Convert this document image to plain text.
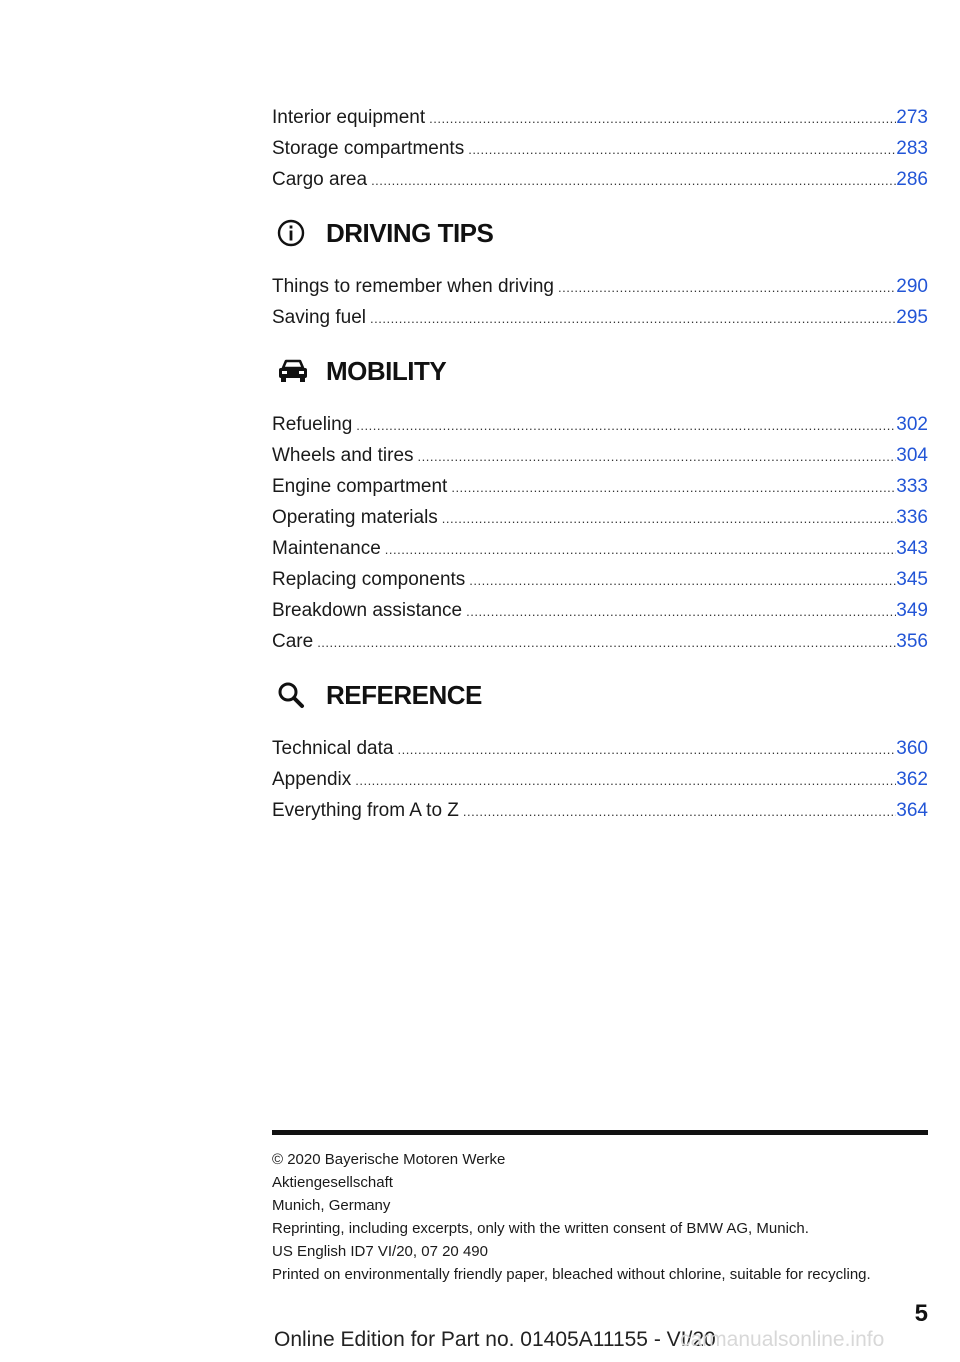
Interior equipment .....	273
Storage compartments .....	283
Cargo area .....	286
DRIVING TIPS
Things to remember when driving .....	290
Saving fuel .....	295
MOBILITY
Refueling .....	302
Wheels and tires .....	304
Engine compartment .....	333
Operating materials .....	336
Maintenance .....	343
Replacing components .....	345
Breakdown assistance .....	349
Care .....	356
REFERENCE
Technical data .....	360
Appendix .....	362
Everything from A to Z .....	364
© 2020 Bayerische Motoren Werke
Aktiengesellschaft
Munich, Germany
Reprinting, including excerpts, only with the written consent of BMW AG, Munich.
US English ID7 VI/20, 07 20 490
Printed on environmentally friendly paper, bleached without chlorine, suitable for recycling.
5
Online Edition for Part no. 01405A11155 - VI/20
carmanualsonline.info
